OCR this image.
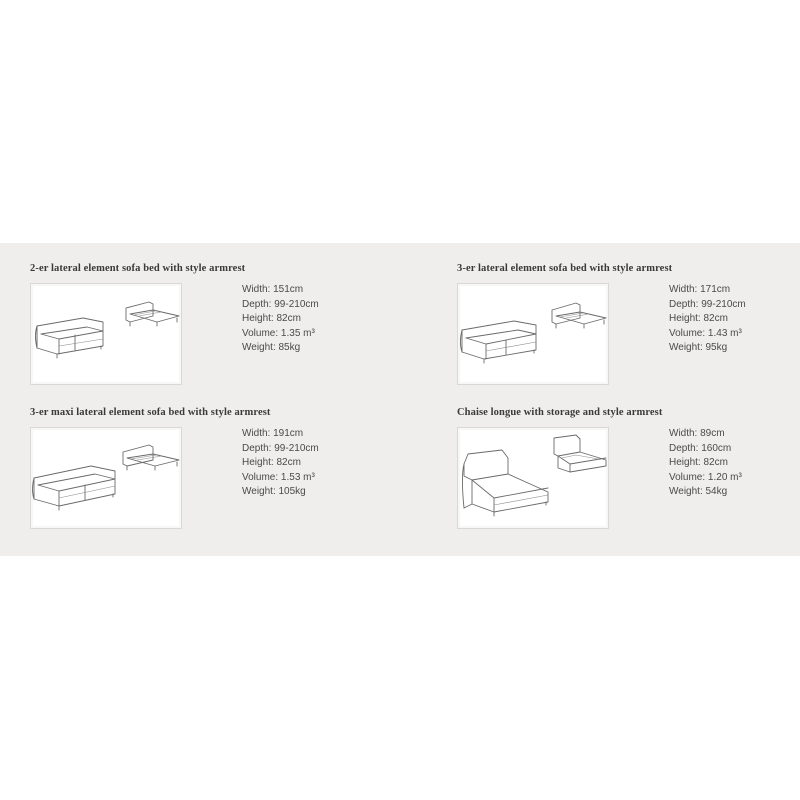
2-er lateral element sofa bed with style armrest
Width: 151cm
Depth: 99-210cm
Height: 82cm
Volume: 1.35 m³
Weight: 85kg
3-er lateral element sofa bed with style armrest
Width: 171cm
Depth: 99-210cm
Height: 82cm
Volume: 1.43 m³
Weight: 95kg
3-er maxi lateral element sofa bed with style armrest
Width: 191cm
Depth: 99-210cm
Height: 82cm
Volume: 1.53 m³
Weight: 105kg
Chaise longue with storage and style armrest
Width: 89cm
Depth: 160cm
Height: 82cm
Volume: 1.20 m³
Weight: 54kg
